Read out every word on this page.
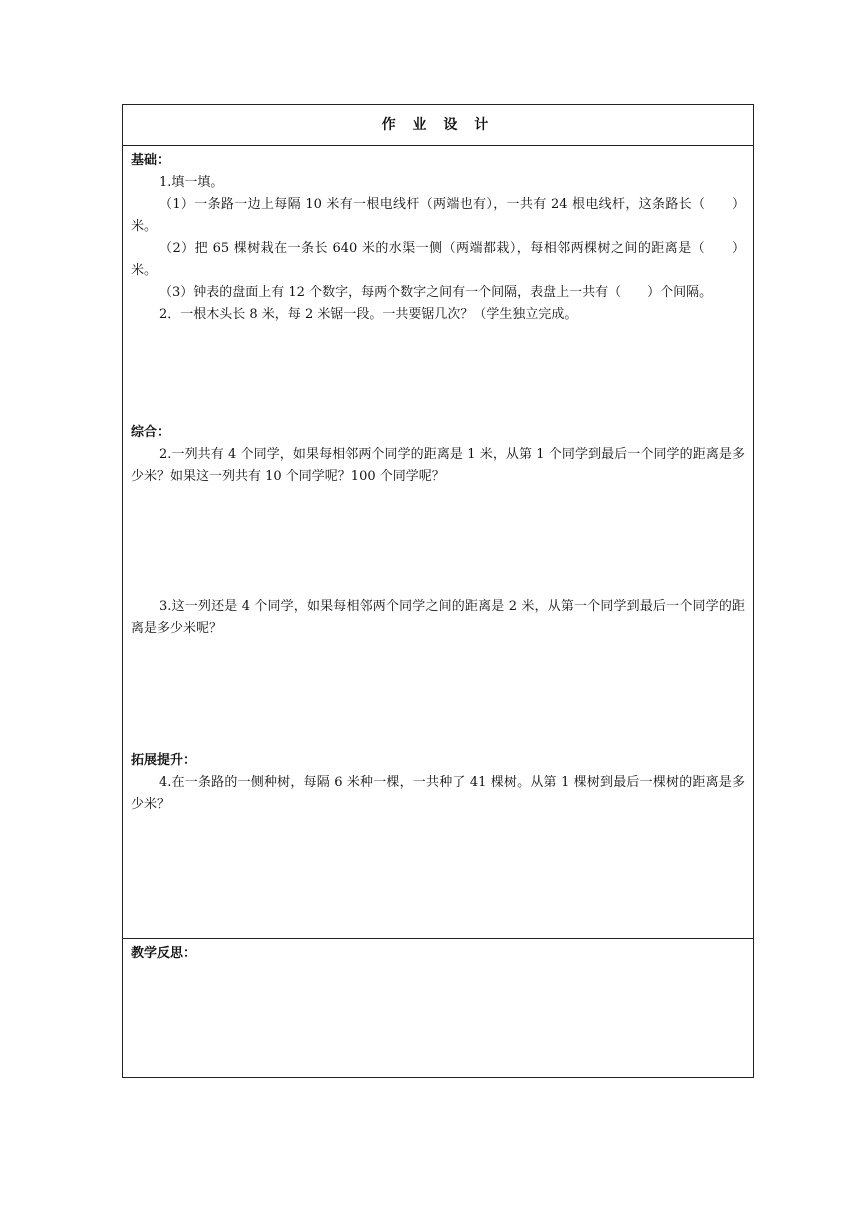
作 业 设 计

基础：

1.填一填。

（1）一条路一边上每隔 10 米有一根电线杆（两端也有），一共有 24 根电线杆，这条路长（　　）米。

（2）把 65 棵树栽在一条长 640 米的水渠一侧（两端都栽），每相邻两棵树之间的距离是（　　）米。

（3）钟表的盘面上有 12 个数字，每两个数字之间有一个间隔，表盘上一共有（　　）个间隔。

2．一根木头长 8 米，每 2 米锯一段。一共要锯几次？（学生独立完成。

综合：

2.一列共有 4 个同学，如果每相邻两个同学的距离是 1 米，从第 1 个同学到最后一个同学的距离是多少米？如果这一列共有 10 个同学呢？100 个同学呢？

3.这一列还是 4 个同学，如果每相邻两个同学之间的距离是 2 米，从第一个同学到最后一个同学的距离是多少米呢？

拓展提升：

4.在一条路的一侧种树，每隔 6 米种一棵，一共种了 41 棵树。从第 1 棵树到最后一棵树的距离是多少米？

教学反思：
